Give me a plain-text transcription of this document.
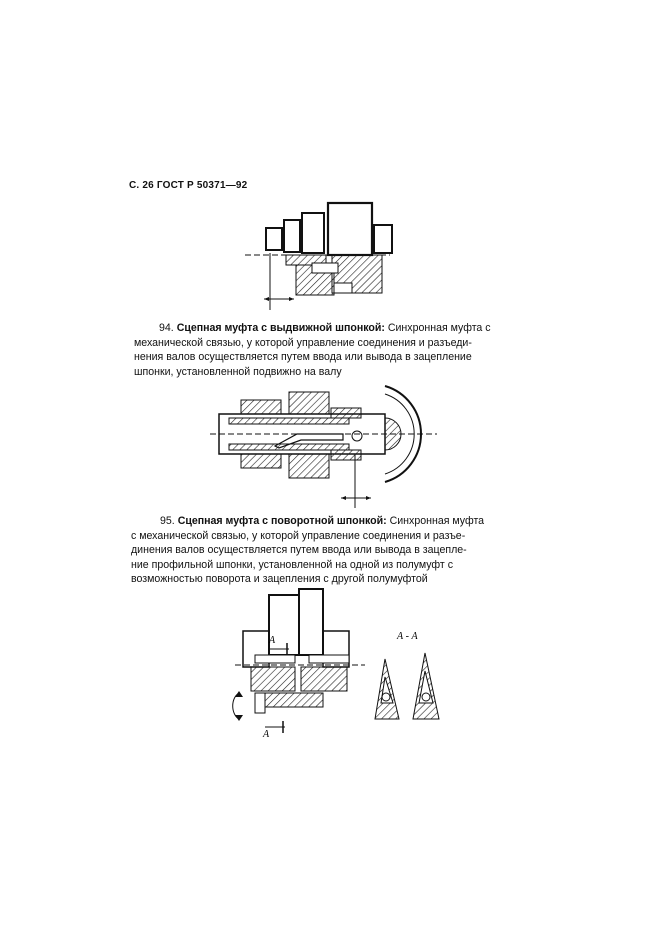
С. 26 ГОСТ Р 50371—92
94. Сцепная муфта с выдвижной шпонкой: Синхронная муфта с
механической связью, у которой управление соединения и разъеди-
нения валов осуществляется путем ввода или вывода в зацепление
шпонки, установленной подвижно на валу
95. Сцепная муфта с поворотной шпонкой: Синхронная муфта
с механической связью, у которой управление соединения и разъе-
динения валов осуществляется путем ввода или вывода в зацепле-
ние профильной шпонки, установленной на одной из полумуфт с
возможностью поворота и зацепления с другой полумуфтой
А
А
А - А
